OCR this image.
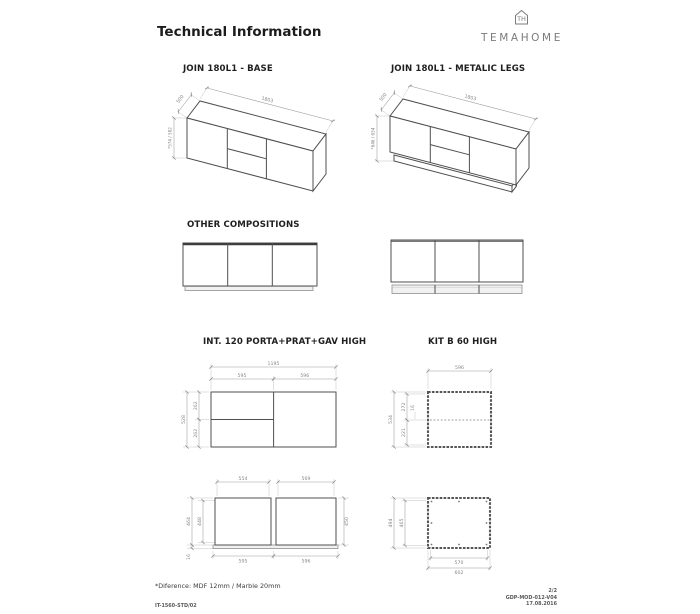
Technical Information
TH
TEMAHOME
JOIN 180L1 - BASE	JOIN 180L1 - METALIC LEGS
OTHER COMPOSITIONS
INT. 120 PORTA+PRAT+GAV HIGH	KIT B 60 HIGH
1803
500
*574 / 582
1803
500
*646 / 654
1195
595	596
528
262
262
554	569
464 448
16
450
595	596
596
534
272
221
16
494 465
570
602
*Diference: MDF 12mm / Marble 20mm
IT-1560-STD/02
2/2
GDP-MOD-012-V04
17.08.2016
